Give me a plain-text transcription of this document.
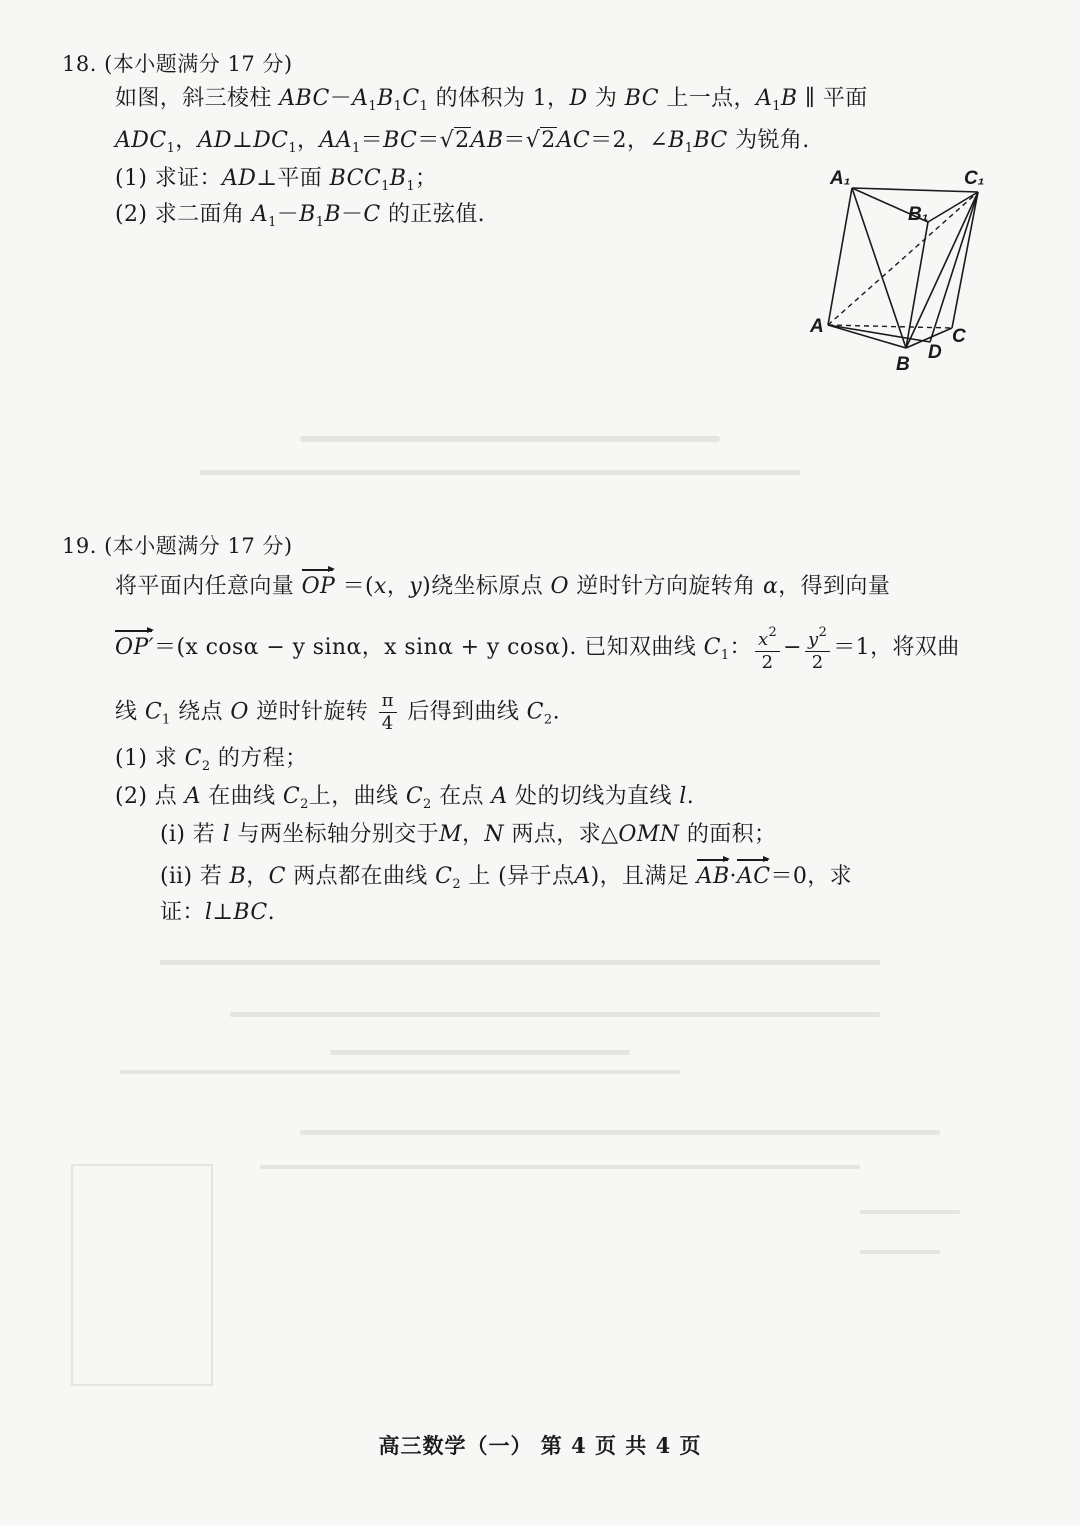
18. (本小题满分 17 分)
如图，斜三棱柱 $ABC-A_1B_1C_1$ 的体积为 1，D 为 BC 上一点，$A_1B$ ∥ 平面
$ADC_1$，$AD\perp DC_1$，$AA_1=BC=√2AB=√2AC=2$，$\angle B_1BC$ 为锐角.
(1) 求证：AD⊥平面 $BCC_1B_1$；
(2) 求二面角 $A_1-B_1B-C$ 的正弦值.
A₁	C₁
B₁
A	C
D
B
19. (本小题满分 17 分)
将平面内任意向量 OP ＝(x，y)绕坐标原点 O 逆时针方向旋转角 α，得到向量
OP′＝(x cosα − y sinα，x sinα + y cosα). 已知双曲线 $C_1$： $\frac{x^2}{2} - \frac{y^2}{2} =1$，将双曲
线 $C_1$ 绕点 O 逆时针旋转 $\frac{\pi}{4}$ 后得到曲线 $C_2$.
(1) 求 $C_2$ 的方程；
(2) 点 A 在曲线 $C_2$上，曲线 $C_2$ 在点 A 处的切线为直线 l.
(ⅰ) 若 l 与两坐标轴分别交于M，N 两点，求△OMN 的面积；
(ⅱ) 若 B，C 两点都在曲线 $C_2$ 上 (异于点A)，且满足 AB·AC＝0，求
证：l⊥BC.
高三数学（一） 第 4 页 共 4 页
